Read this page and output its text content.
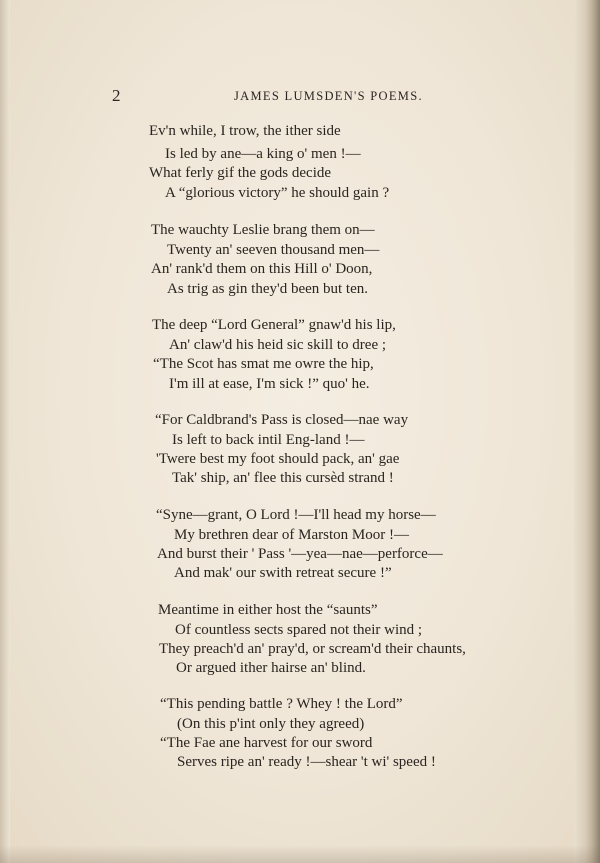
2	JAMES LUMSDEN'S POEMS.
Ev'n while, I trow, the ither side
Is led by ane—a king o' men !—
What ferly gif the gods decide
A “glorious victory” he should gain ?
The wauchty Leslie brang them on—
Twenty an' seeven thousand men—
An' rank'd them on this Hill o' Doon,
As trig as gin they'd been but ten.
The deep “Lord General” gnaw'd his lip,
An' claw'd his heid sic skill to dree ;
“The Scot has smat me owre the hip,
I'm ill at ease, I'm sick !” quo' he.
“For Caldbrand's Pass is closed—nae way
Is left to back intil Eng-land !—
'Twere best my foot should pack, an' gae
Tak' ship, an' flee this cursèd strand !
“Syne—grant, O Lord !—I'll head my horse—
My brethren dear of Marston Moor !—
And burst their ' Pass '—yea—nae—perforce—
And mak' our swith retreat secure !”
Meantime in either host the “saunts”
Of countless sects spared not their wind ;
They preach'd an' pray'd, or scream'd their chaunts,
Or argued ither hairse an' blind.
“This pending battle ? Whey ! the Lord”
(On this p'int only they agreed)
“The Fae ane harvest for our sword
Serves ripe an' ready !—shear 't wi' speed !
